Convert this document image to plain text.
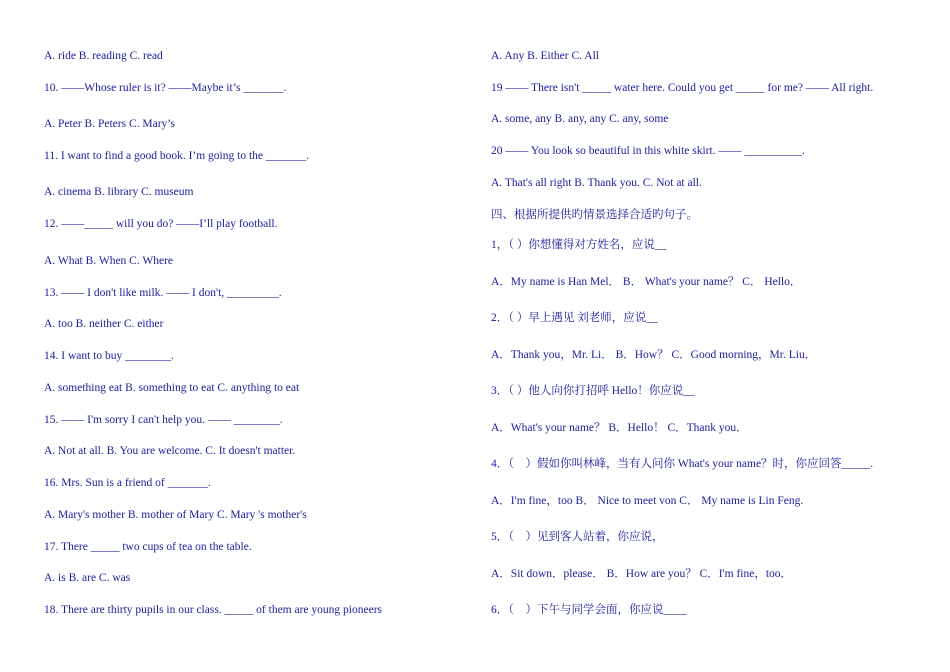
A. ride B. reading C. read
10. ——Whose ruler is it? ——Maybe it’s _______.
A. Peter B. Peters C. Mary’s
11. I want to find a good book. I’m going to the _______.
A. cinema B. library C. museum
12. ——_____ will you do? ——I’ll play football.
A. What B. When C. Where
13. —— I don't like milk. —— I don't, _________.
A. too B. neither C. either
14. I want to buy ________.
A. something eat B. something to eat C. anything to eat
15. —— I'm sorry I can't help you. —— ________.
A. Not at all. B. You are welcome. C. It doesn't matter.
16. Mrs. Sun is a friend of _______.
A. Mary's mother B. mother of Mary C. Mary 's mother's
17. There _____ two cups of tea on the table.
A. is B. are C. was
18. There are thirty pupils in our class. _____ of them are young pioneers
A. Any B. Either C. All
19 —— There isn't _____ water here. Could you get _____ for me? —— All right.
A. some, any B. any, any C. any, some
20 —— You look so beautiful in this white skirt. —— __________.
A. That's all right B. Thank you. C. Not at all.
四、根据所提供旳情景选择合适旳句子。
1，（ ）你想懂得对方姓名，应说__
A．My name is Han Mel． B． What's your name？ C． Hello．
2．（ ）早上遇见 刘老师，应说__
A．Thank you，Mr. Li． B．How？ C．Good morning，Mr. Liu．
3．（ ）他人向你打招呼 Hello！你应说__
A．What's your name？ B．Hello！ C．Thank you．
4．（　）假如你叫林峰，当有人问你 What's your name？时，你应回答_____.
A．I'm fine，too B． Nice to meet von C． My name is Lin Feng.
5．（　）见到客人站着，你应说，
A．Sit down．please． B．How are you？ C．I'm fine，too．
6．（　）下午与同学会面，你应说____
